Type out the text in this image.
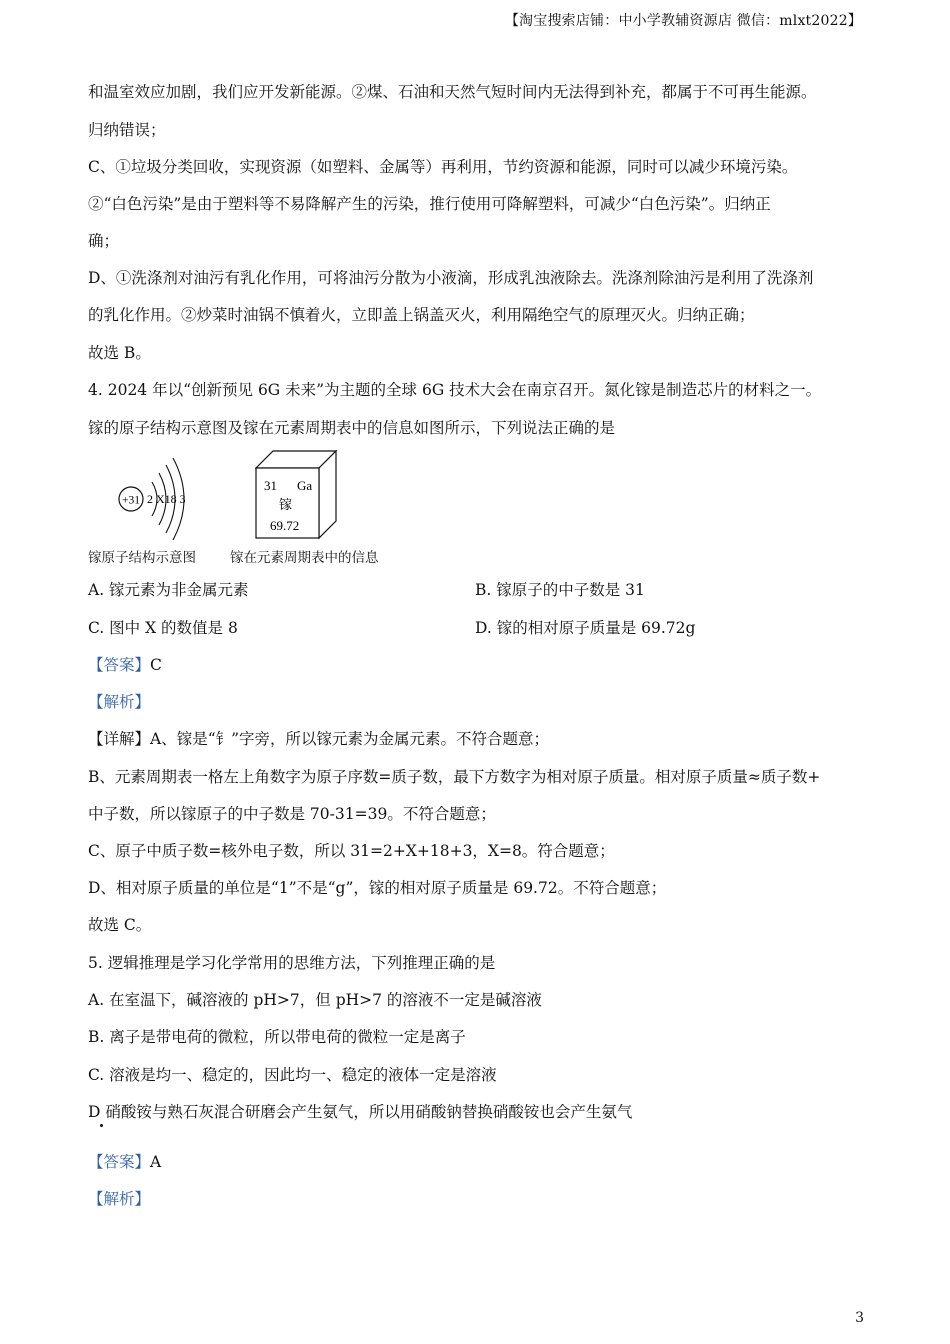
【淘宝搜索店铺：中小学教辅资源店 微信：mlxt2022】
和温室效应加剧，我们应开发新能源。②煤、石油和天然气短时间内无法得到补充，都属于不可再生能源。
归纳错误；
C、①垃圾分类回收，实现资源（如塑料、金属等）再利用，节约资源和能源，同时可以减少环境污染。
②“白色污染”是由于塑料等不易降解产生的污染，推行使用可降解塑料，可减少“白色污染”。归纳正
确；
D、①洗涤剂对油污有乳化作用，可将油污分散为小液滴，形成乳浊液除去。洗涤剂除油污是利用了洗涤剂
的乳化作用。②炒菜时油锅不慎着火，立即盖上锅盖灭火，利用隔绝空气的原理灭火。归纳正确；
故选 B。
4. 2024 年以“创新预见 6G 未来”为主题的全球 6G 技术大会在南京召开。氮化镓是制造芯片的材料之一。
镓的原子结构示意图及镓在元素周期表中的信息如图所示，下列说法正确的是
+31 2 X18 3
31 Ga
镓
69.72
镓原子结构示意图	镓在元素周期表中的信息
A. 镓元素为非金属元素	B. 镓原子的中子数是 31
C. 图中 X 的数值是 8	D. 镓的相对原子质量是 69.72g
【答案】C
【解析】
【详解】A、镓是“钅”字旁，所以镓元素为金属元素。不符合题意；
B、元素周期表一格左上角数字为原子序数=质子数，最下方数字为相对原子质量。相对原子质量≈质子数+
中子数，所以镓原子的中子数是 70-31=39。不符合题意；
C、原子中质子数=核外电子数，所以 31=2+X+18+3，X=8。符合题意；
D、相对原子质量的单位是“1”不是“g”，镓的相对原子质量是 69.72。不符合题意；
故选 C。
5. 逻辑推理是学习化学常用的思维方法，下列推理正确的是
A. 在室温下，碱溶液的 pH>7，但 pH>7 的溶液不一定是碱溶液
B. 离子是带电荷的微粒，所以带电荷的微粒一定是离子
C. 溶液是均一、稳定的，因此均一、稳定的液体一定是溶液
D 硝酸铵与熟石灰混合研磨会产生氨气，所以用硝酸钠替换硝酸铵也会产生氨气
【答案】A
【解析】
3
